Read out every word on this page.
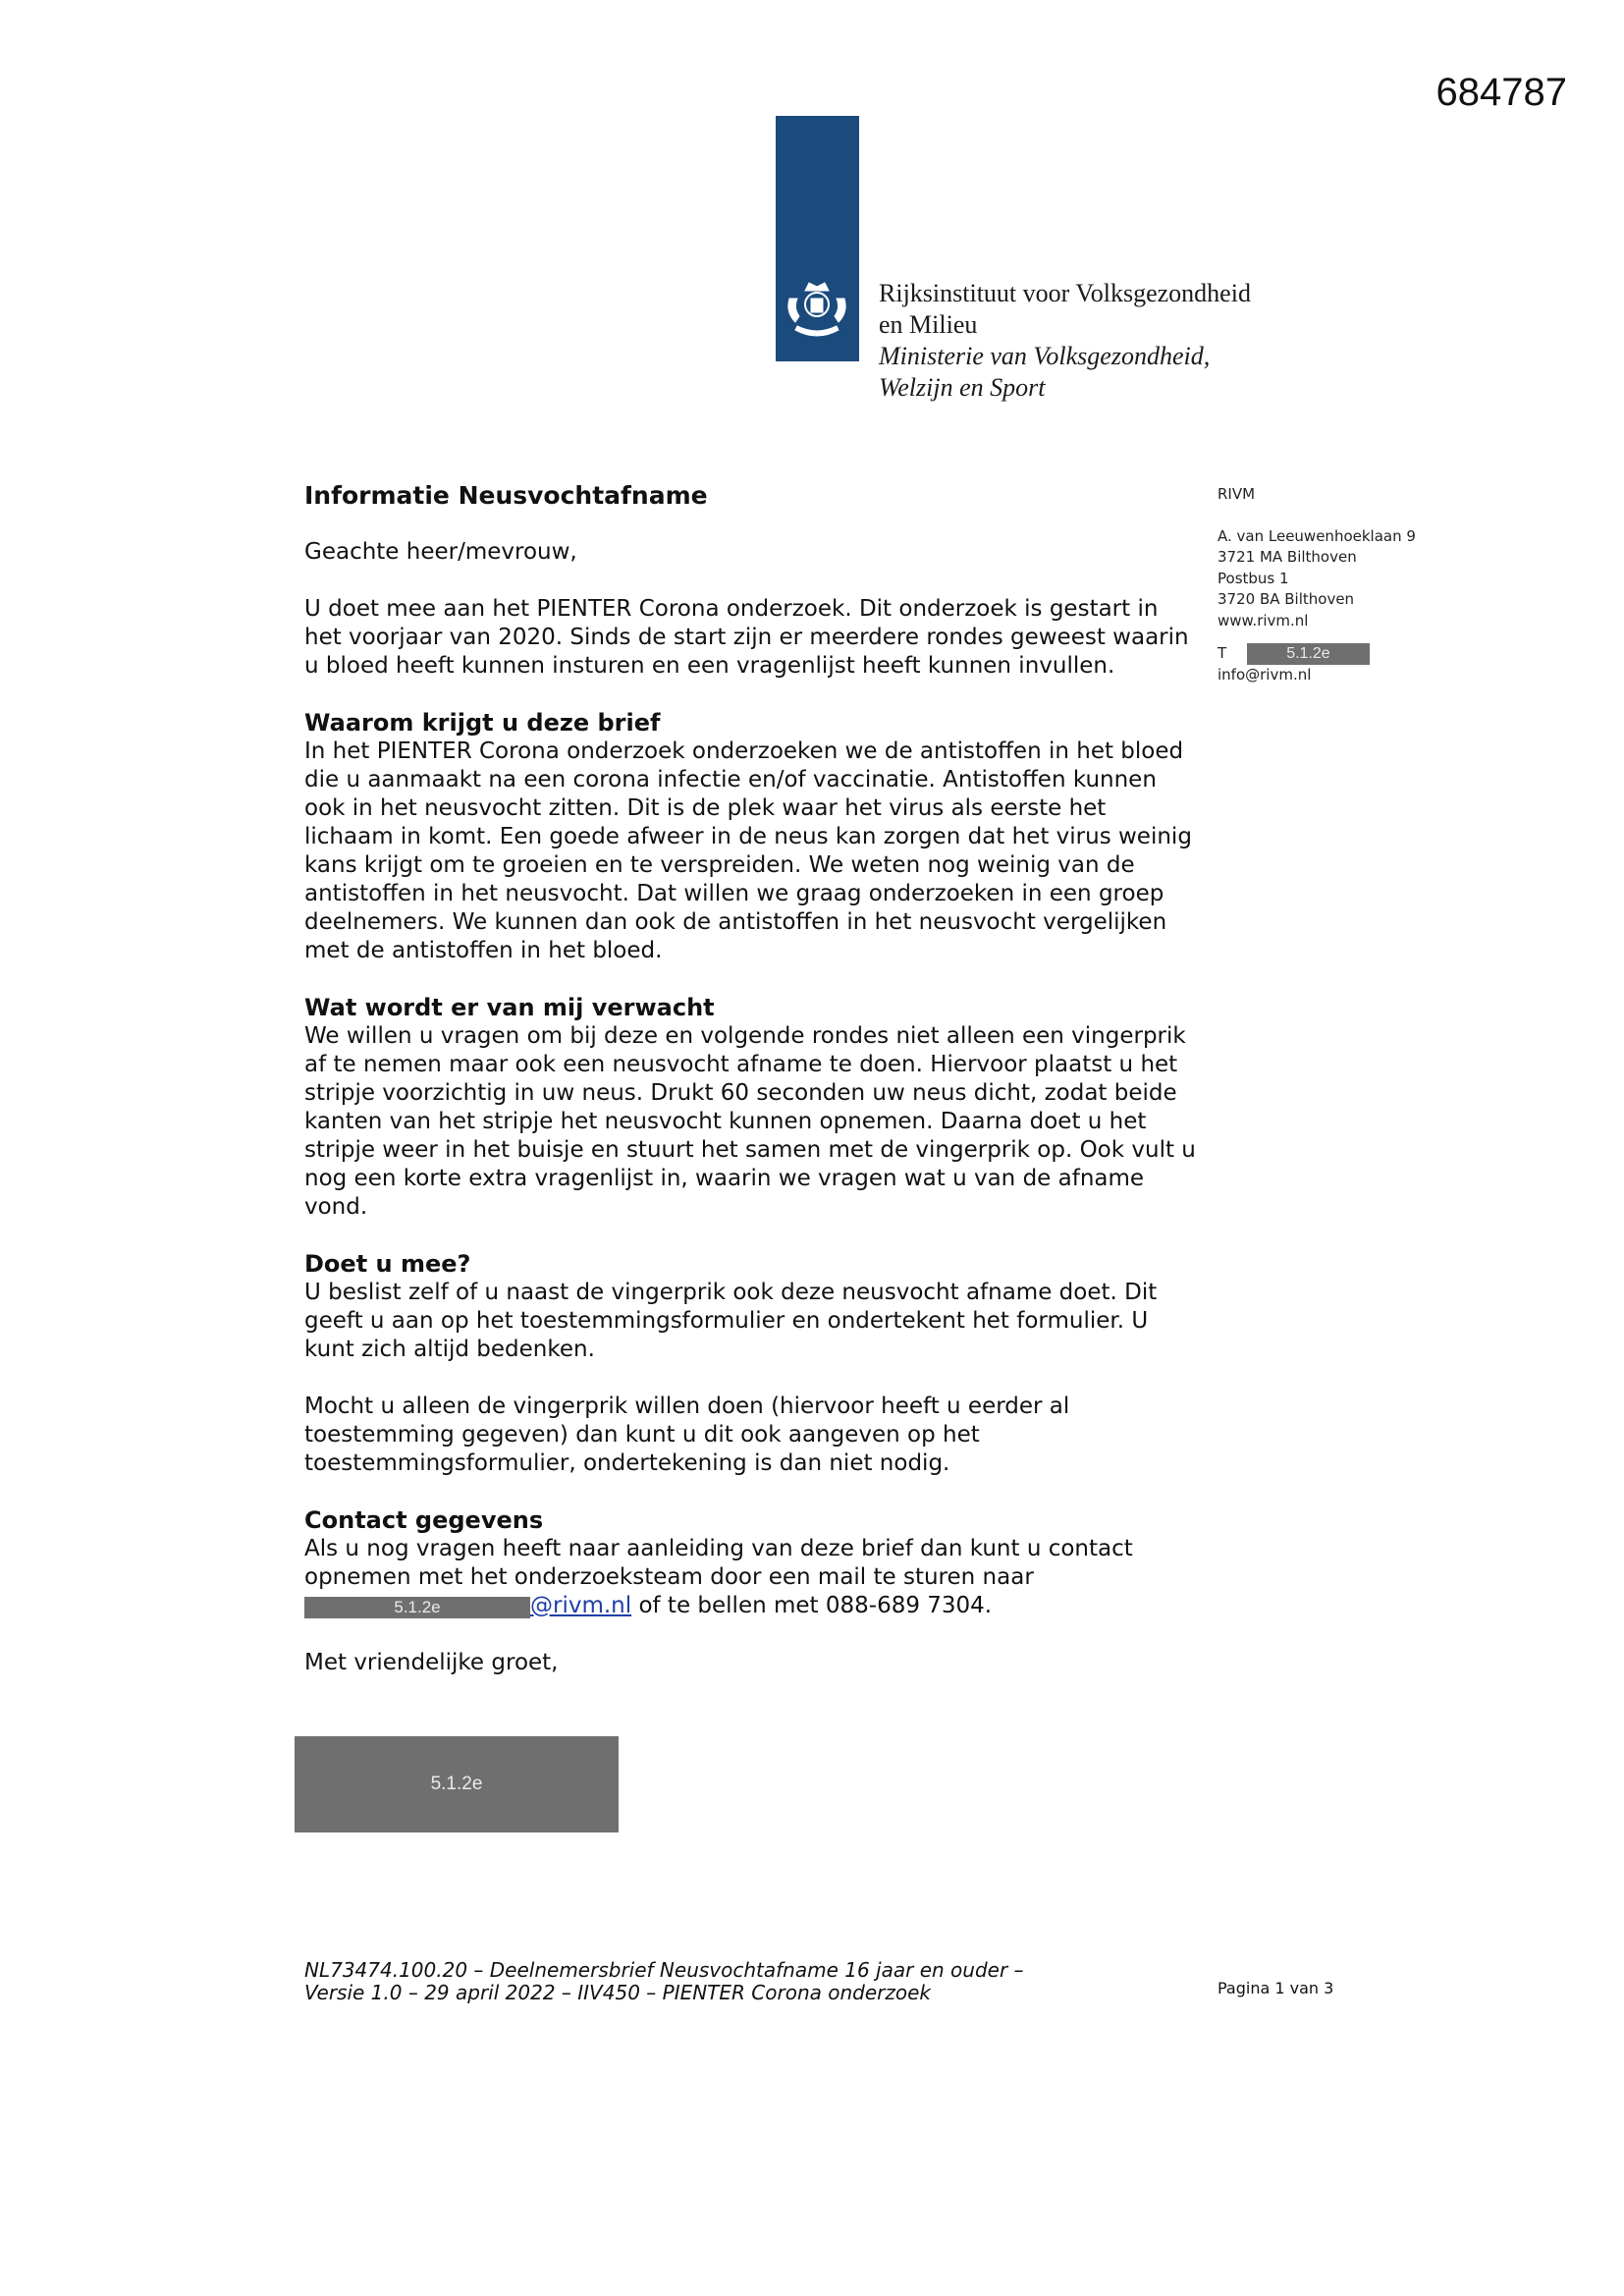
684787
Rijksinstituut voor Volksgezondheid
en Milieu
Ministerie van Volksgezondheid,
Welzijn en Sport
Informatie Neusvochtafname	RIVM
A. van Leeuwenhoeklaan 9
3721 MA Bilthoven
Postbus 1
3720 BA Bilthoven
www.rivm.nl
T	5.1.2e
info@rivm.nl

Geachte heer/mevrouw,

U doet mee aan het PIENTER Corona onderzoek. Dit onderzoek is gestart in het voorjaar van 2020. Sinds de start zijn er meerdere rondes geweest waarin u bloed heeft kunnen insturen en een vragenlijst heeft kunnen invullen.

Waarom krijgt u deze brief

In het PIENTER Corona onderzoek onderzoeken we de antistoffen in het bloed die u aanmaakt na een corona infectie en/of vaccinatie. Antistoffen kunnen ook in het neusvocht zitten. Dit is de plek waar het virus als eerste het lichaam in komt. Een goede afweer in de neus kan zorgen dat het virus weinig kans krijgt om te groeien en te verspreiden. We weten nog weinig van de antistoffen in het neusvocht. Dat willen we graag onderzoeken in een groep deelnemers. We kunnen dan ook de antistoffen in het neusvocht vergelijken met de antistoffen in het bloed.

Wat wordt er van mij verwacht

We willen u vragen om bij deze en volgende rondes niet alleen een vingerprik af te nemen maar ook een neusvocht afname te doen. Hiervoor plaatst u het stripje voorzichtig in uw neus. Drukt 60 seconden uw neus dicht, zodat beide kanten van het stripje het neusvocht kunnen opnemen. Daarna doet u het stripje weer in het buisje en stuurt het samen met de vingerprik op. Ook vult u nog een korte extra vragenlijst in, waarin we vragen wat u van de afname vond.

Doet u mee?

U beslist zelf of u naast de vingerprik ook deze neusvocht afname doet. Dit geeft u aan op het toestemmingsformulier en ondertekent het formulier. U kunt zich altijd bedenken.

Mocht u alleen de vingerprik willen doen (hiervoor heeft u eerder al toestemming gegeven) dan kunt u dit ook aangeven op het toestemmingsformulier, ondertekening is dan niet nodig.

Contact gegevens

Als u nog vragen heeft naar aanleiding van deze brief dan kunt u contact opnemen met het onderzoeksteam door een mail te sturen naar 5.1.2e	@rivm.nl of te bellen met 088-689 7304.

Met vriendelijke groet,

5.1.2e
NL73474.100.20 – Deelnemersbrief Neusvochtafname 16 jaar en ouder –
Versie 1.0 – 29 april 2022 – IIV450 – PIENTER Corona onderzoek	Pagina 1 van 3
